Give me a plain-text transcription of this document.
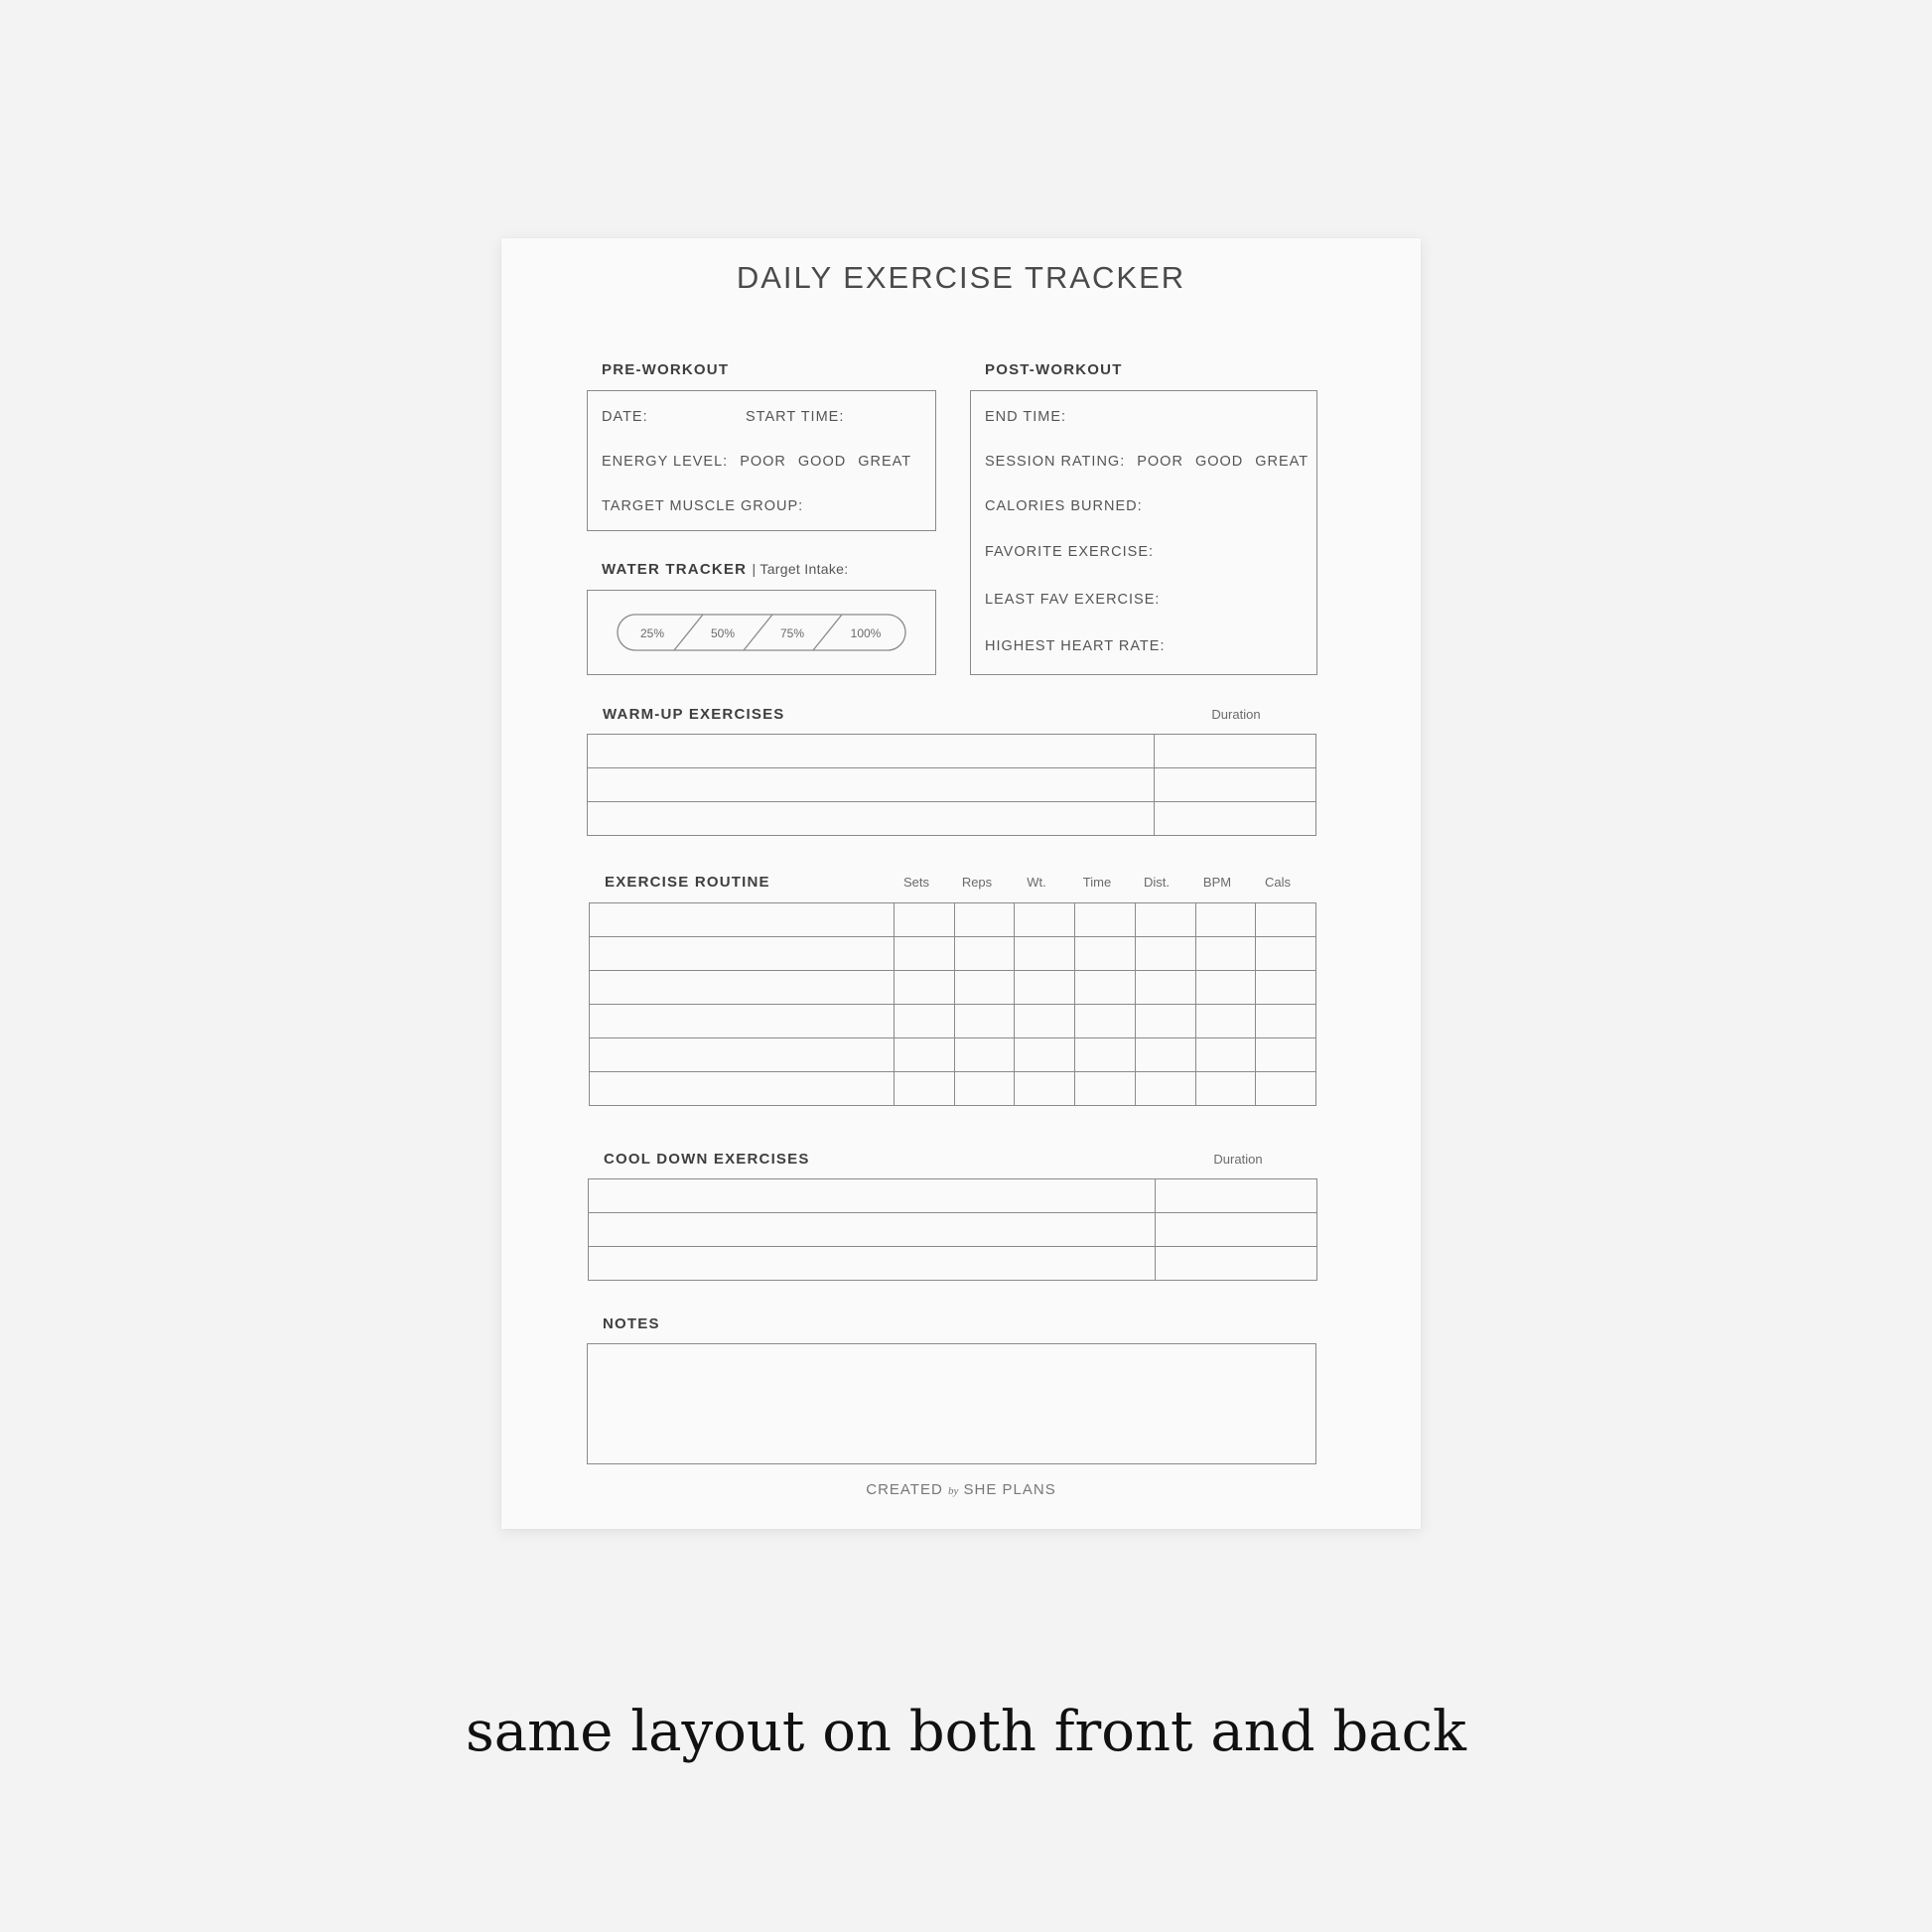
DAILY EXERCISE TRACKER
PRE-WORKOUT
DATE:	START TIME:
ENERGY LEVEL: POOR GOOD GREAT
TARGET MUSCLE GROUP:
WATER TRACKER | Target Intake:
25%	50%	75%	100%
POST-WORKOUT
END TIME:
SESSION RATING: POOR GOOD GREAT
CALORIES BURNED:
FAVORITE EXERCISE:
LEAST FAV EXERCISE:
HIGHEST HEART RATE:
WARM-UP EXERCISES	Duration

EXERCISE ROUTINE	Sets	Reps	Wt.	Time	Dist.	BPM	Cals

COOL DOWN EXERCISES	Duration

NOTES
CREATED by SHE PLANS
same layout on both front and back
